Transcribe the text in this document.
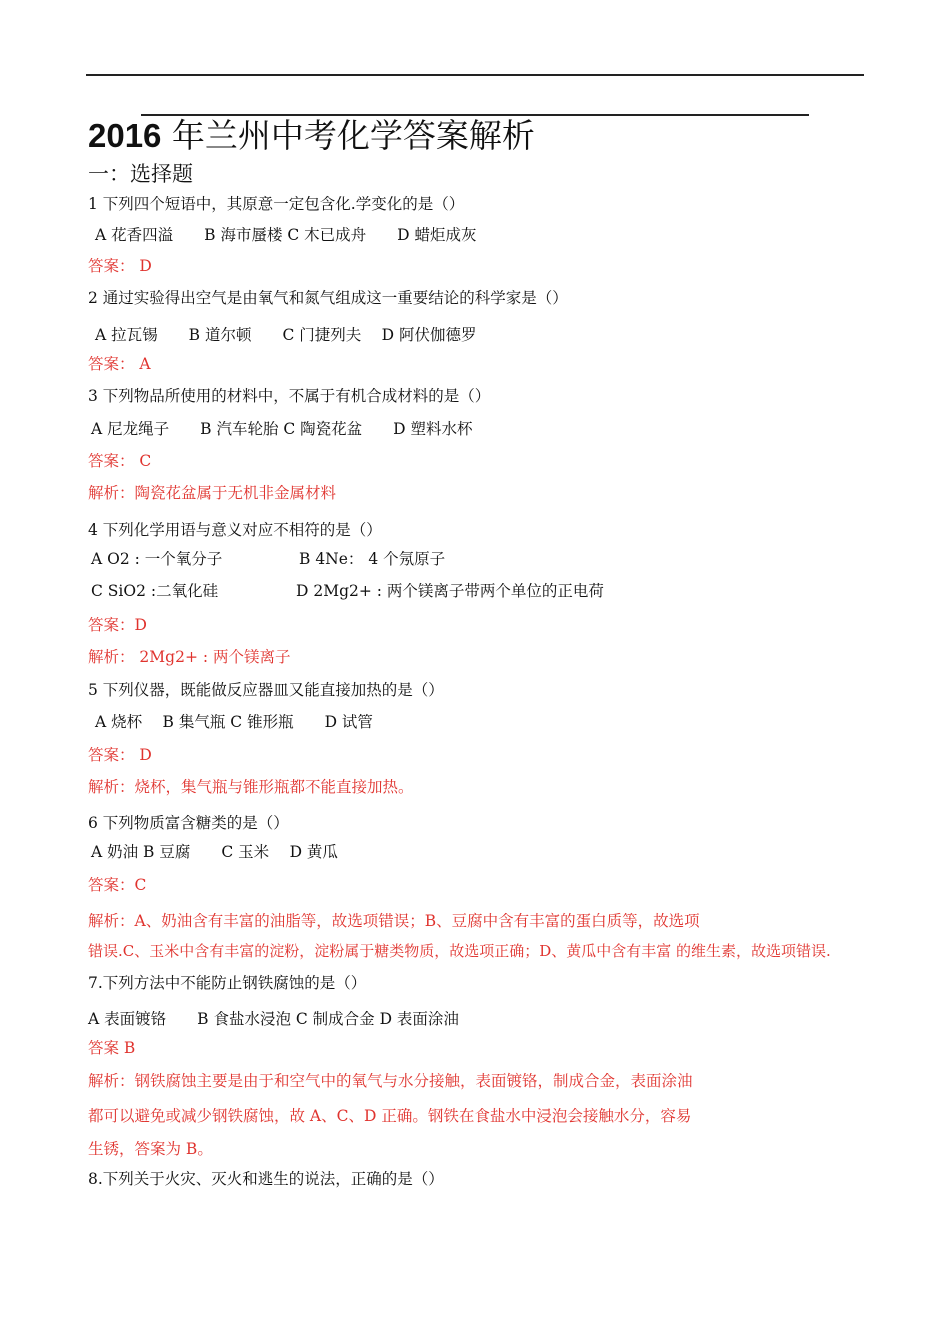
2016 年兰州中考化学答案解析
一：选择题
1 下列四个短语中，其原意一定包含化.学变化的是（）
A 花香四溢　　B 海市蜃楼 C 木已成舟　　D 蜡炬成灰
答案： D
2 通过实验得出空气是由氧气和氮气组成这一重要结论的科学家是（）
A 拉瓦锡　　B 道尔顿　　C 门捷列夫　 D 阿伏伽德罗
答案： A
3 下列物品所使用的材料中，不属于有机合成材料的是（）
A 尼龙绳子　　B 汽车轮胎 C 陶瓷花盆　　D 塑料水杯
答案： C
解析：陶瓷花盆属于无机非金属材料
4 下列化学用语与意义对应不相符的是（）
A O2 : 一个氧分子	B 4Ne： 4 个氖原子
C SiO2 :二氧化硅	D 2Mg2+ : 两个镁离子带两个单位的正电荷
答案：D
解析： 2Mg2+ : 两个镁离子
5 下列仪器，既能做反应器皿又能直接加热的是（）
A 烧杯　 B 集气瓶 C 锥形瓶　　D 试管
答案： D
解析：烧杯，集气瓶与锥形瓶都不能直接加热。
6 下列物质富含糖类的是（）
A 奶油 B 豆腐　　C 玉米　 D 黄瓜
答案：C
解析：A、奶油含有丰富的油脂等，故选项错误；B、豆腐中含有丰富的蛋白质等，故选项
错误.C、玉米中含有丰富的淀粉，淀粉属于糖类物质，故选项正确；D、黄瓜中含有丰富 的维生素，故选项错误.
7.下列方法中不能防止钢铁腐蚀的是（）
A 表面镀铬　　B 食盐水浸泡 C 制成合金 D 表面涂油
答案 B
解析：钢铁腐蚀主要是由于和空气中的氧气与水分接触，表面镀铬，制成合金，表面涂油
都可以避免或减少钢铁腐蚀，故 A、C、D 正确。钢铁在食盐水中浸泡会接触水分，容易
生锈，答案为 B。
8.下列关于火灾、灭火和逃生的说法，正确的是（）
